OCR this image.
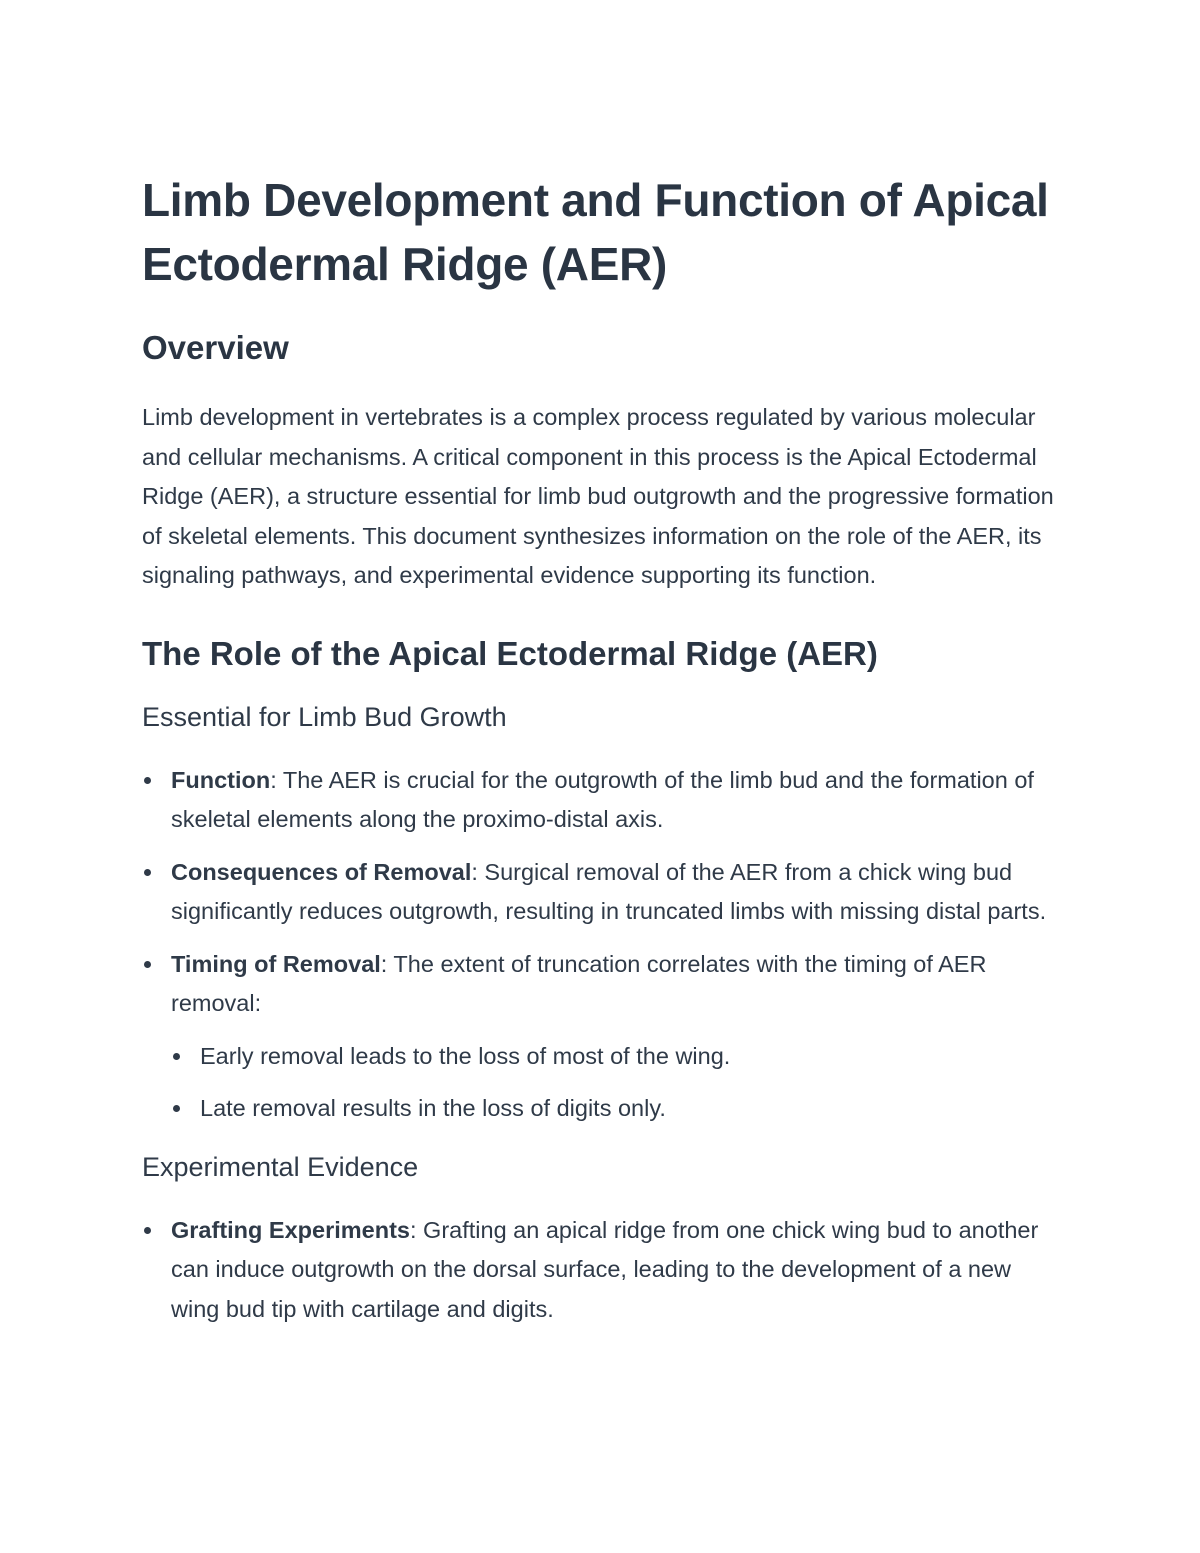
Limb Development and Function of Apical Ectodermal Ridge (AER)
Overview

Limb development in vertebrates is a complex process regulated by various molecular and cellular mechanisms. A critical component in this process is the Apical Ectodermal Ridge (AER), a structure essential for limb bud outgrowth and the progressive formation of skeletal elements. This document synthesizes information on the role of the AER, its signaling pathways, and experimental evidence supporting its function.

The Role of the Apical Ectodermal Ridge (AER)
Essential for Limb Bud Growth
Function: The AER is crucial for the outgrowth of the limb bud and the formation of skeletal elements along the proximo-distal axis.
Consequences of Removal: Surgical removal of the AER from a chick wing bud significantly reduces outgrowth, resulting in truncated limbs with missing distal parts.
Timing of Removal: The extent of truncation correlates with the timing of AER removal:
Early removal leads to the loss of most of the wing.
Late removal results in the loss of digits only.
Experimental Evidence
Grafting Experiments: Grafting an apical ridge from one chick wing bud to another can induce outgrowth on the dorsal surface, leading to the development of a new wing bud tip with cartilage and digits.
